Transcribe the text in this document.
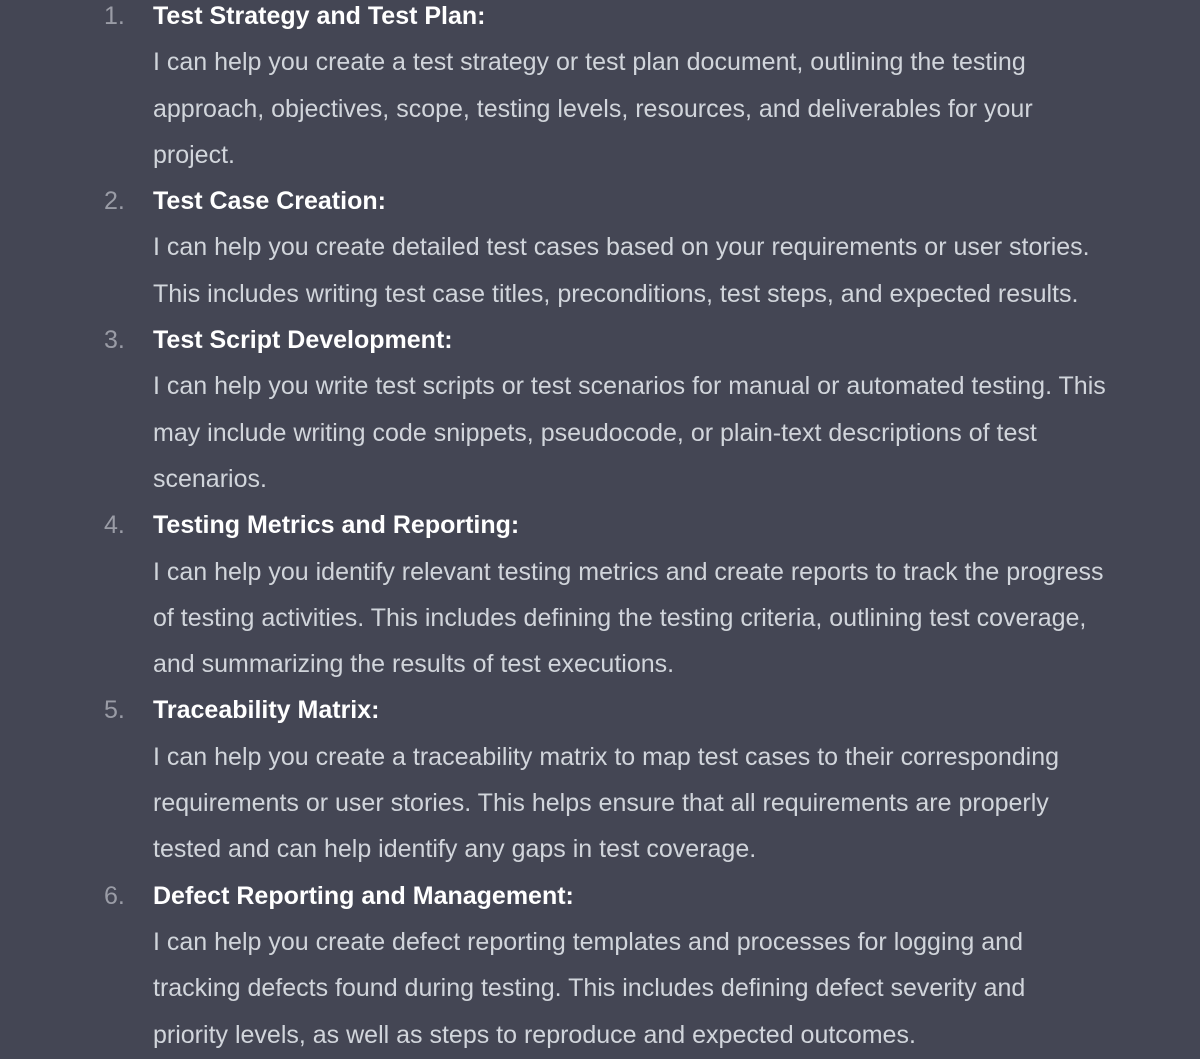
1.	Test Strategy and Test Plan:
I can help you create a test strategy or test plan document, outlining the testing
approach, objectives, scope, testing levels, resources, and deliverables for your
project.
2.	Test Case Creation:
I can help you create detailed test cases based on your requirements or user stories.
This includes writing test case titles, preconditions, test steps, and expected results.
3.	Test Script Development:
I can help you write test scripts or test scenarios for manual or automated testing. This
may include writing code snippets, pseudocode, or plain-text descriptions of test
scenarios.
4.	Testing Metrics and Reporting:
I can help you identify relevant testing metrics and create reports to track the progress
of testing activities. This includes defining the testing criteria, outlining test coverage,
and summarizing the results of test executions.
5.	Traceability Matrix:
I can help you create a traceability matrix to map test cases to their corresponding
requirements or user stories. This helps ensure that all requirements are properly
tested and can help identify any gaps in test coverage.
6.	Defect Reporting and Management:
I can help you create defect reporting templates and processes for logging and
tracking defects found during testing. This includes defining defect severity and
priority levels, as well as steps to reproduce and expected outcomes.
